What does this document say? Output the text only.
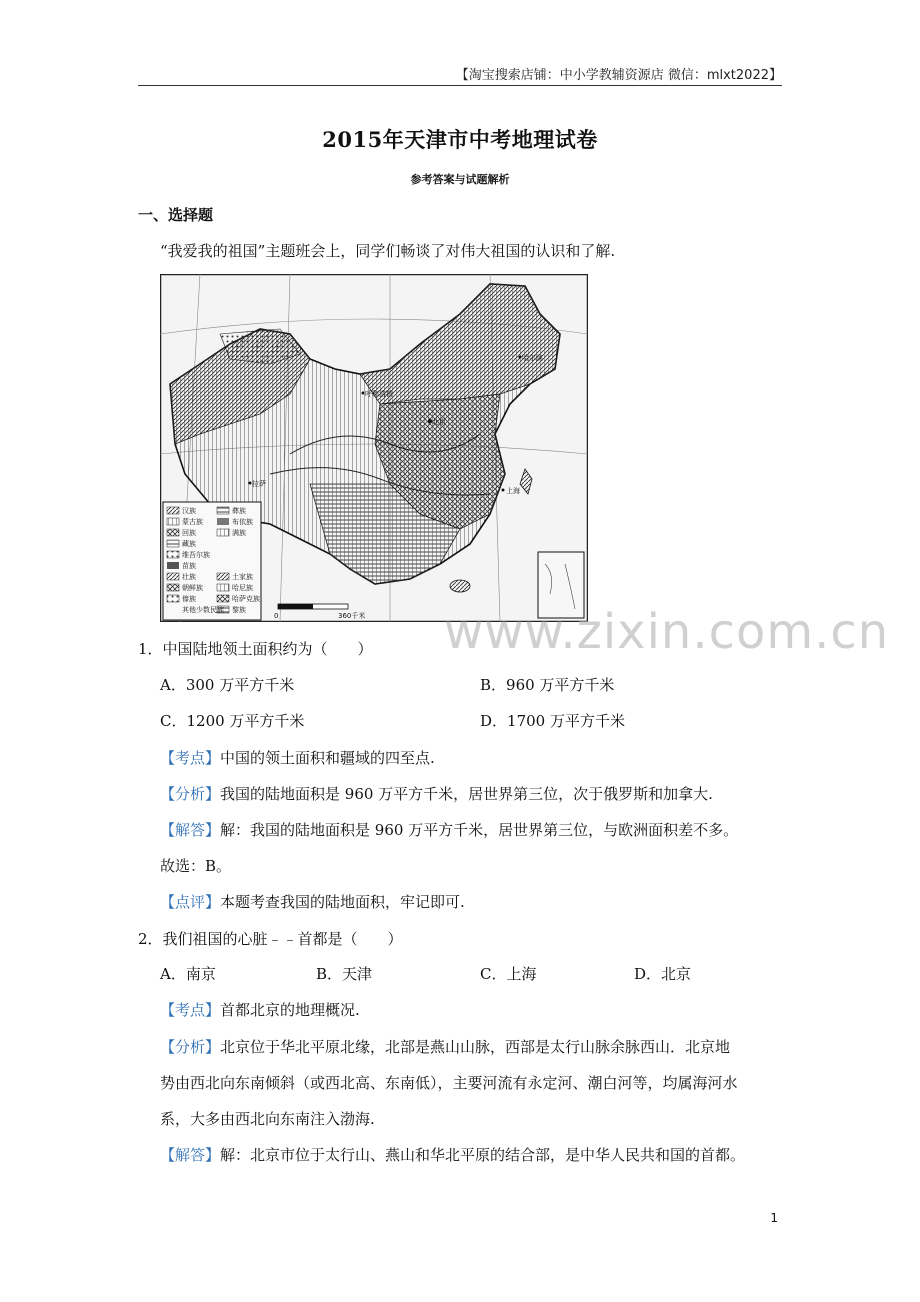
【淘宝搜索店铺：中小学教辅资源店 微信：mlxt2022】
2015年天津市中考地理试卷
参考答案与试题解析
一、选择题
“我爱我的祖国”主题班会上，同学们畅谈了对伟大祖国的认识和了解.
汉族
蒙古族
回族
藏族
维吾尔族
苗族
壮族
朝鲜族
傣族
彝族
布依族
满族
土家族
哈尼族
哈萨克族
黎族
其他少数民族
呼和浩特
北京
上海
哈尔滨
拉萨
0	360千米 www.zixin.com.cn
1．中国陆地领土面积约为（　　）
A．300 万平方千米	B．960 万平方千米
C．1200 万平方千米	D．1700 万平方千米
【考点】中国的领土面积和疆域的四至点.
【分析】我国的陆地面积是 960 万平方千米，居世界第三位，次于俄罗斯和加拿大.
【解答】解：我国的陆地面积是 960 万平方千米，居世界第三位，与欧洲面积差不多。
故选：B。
【点评】本题考查我国的陆地面积，牢记即可.
2．我们祖国的心脏﹣﹣首都是（　　）
A．南京	B．天津	C．上海	D．北京
【考点】首都北京的地理概况.
【分析】北京位于华北平原北缘，北部是燕山山脉，西部是太行山脉余脉西山．北京地
势由西北向东南倾斜（或西北高、东南低），主要河流有永定河、潮白河等，均属海河水
系，大多由西北向东南注入渤海.
【解答】解：北京市位于太行山、燕山和华北平原的结合部，是中华人民共和国的首都。
1
